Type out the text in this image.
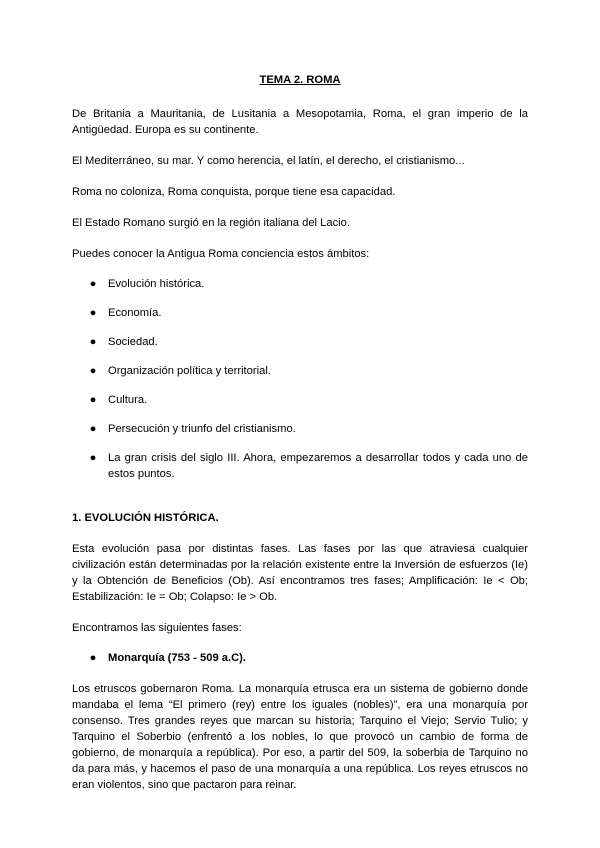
TEMA 2. ROMA

De Britania a Mauritania, de Lusitania a Mesopotamia, Roma, el gran imperio de la Antigüedad. Europa es su continente.

El Mediterráneo, su mar. Y como herencia, el latín, el derecho, el cristianismo...

Roma no coloniza, Roma conquista, porque tiene esa capacidad.

El Estado Romano surgió en la región italiana del Lacio.

Puedes conocer la Antigua Roma conciencia estos ámbitos:

● Evolución histórica.
● Economía.
● Sociedad.
● Organización política y territorial.
● Cultura.
● Persecución y triunfo del cristianismo.
● La gran crisis del siglo III. Ahora, empezaremos a desarrollar todos y cada uno de estos puntos.
1. EVOLUCIÓN HISTÓRICA.

Esta evolución pasa por distintas fases. Las fases por las que atraviesa cualquier civilización están determinadas por la relación existente entre la Inversión de esfuerzos (Ie) y la Obtención de Beneficios (Ob). Así encontramos tres fases; Amplificación: Ie < Ob; Estabilización: Ie = Ob; Colapso: Ie > Ob.

Encontramos las siguientes fases:

● Monarquía (753 - 509 a.C).

Los etruscos gobernaron Roma. La monarquía etrusca era un sistema de gobierno donde mandaba el lema “El primero (rey) entre los iguales (nobles)”, era una monarquía por consenso. Tres grandes reyes que marcan su historia; Tarquino el Viejo; Servio Tulio; y Tarquino el Soberbio (enfrentó a los nobles, lo que provocó un cambio de forma de gobierno, de monarquía a república). Por eso, a partir del 509, la soberbia de Tarquino no da para más, y hacemos el paso de una monarquía a una república. Los reyes etruscos no eran violentos, sino que pactaron para reinar.
